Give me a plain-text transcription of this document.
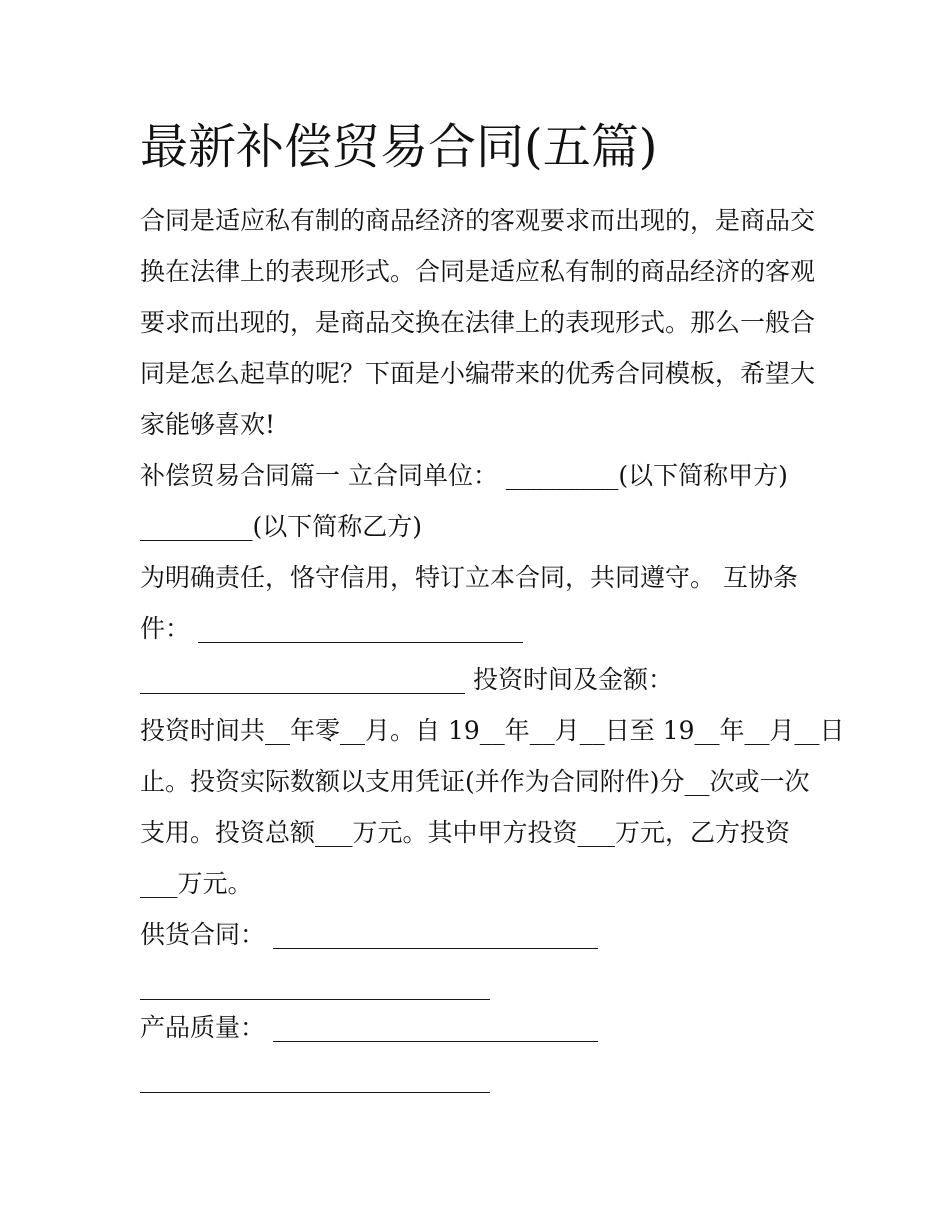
最新补偿贸易合同(五篇)
合同是适应私有制的商品经济的客观要求而出现的，是商品交
换在法律上的表现形式。合同是适应私有制的商品经济的客观
要求而出现的，是商品交换在法律上的表现形式。那么一般合
同是怎么起草的呢？下面是小编带来的优秀合同模板，希望大
家能够喜欢!
补偿贸易合同篇一 立合同单位： _________(以下简称甲方)
_________(以下简称乙方)
为明确责任，恪守信用，特订立本合同，共同遵守。 互协条
件： __________________________
__________________________ 投资时间及金额：
投资时间共__年零__月。自 19__年__月__日至 19__年__月__日
止。投资实际数额以支用凭证(并作为合同附件)分__次或一次
支用。投资总额___万元。其中甲方投资___万元，乙方投资
___万元。
供货合同： __________________________
____________________________
产品质量： __________________________
____________________________
